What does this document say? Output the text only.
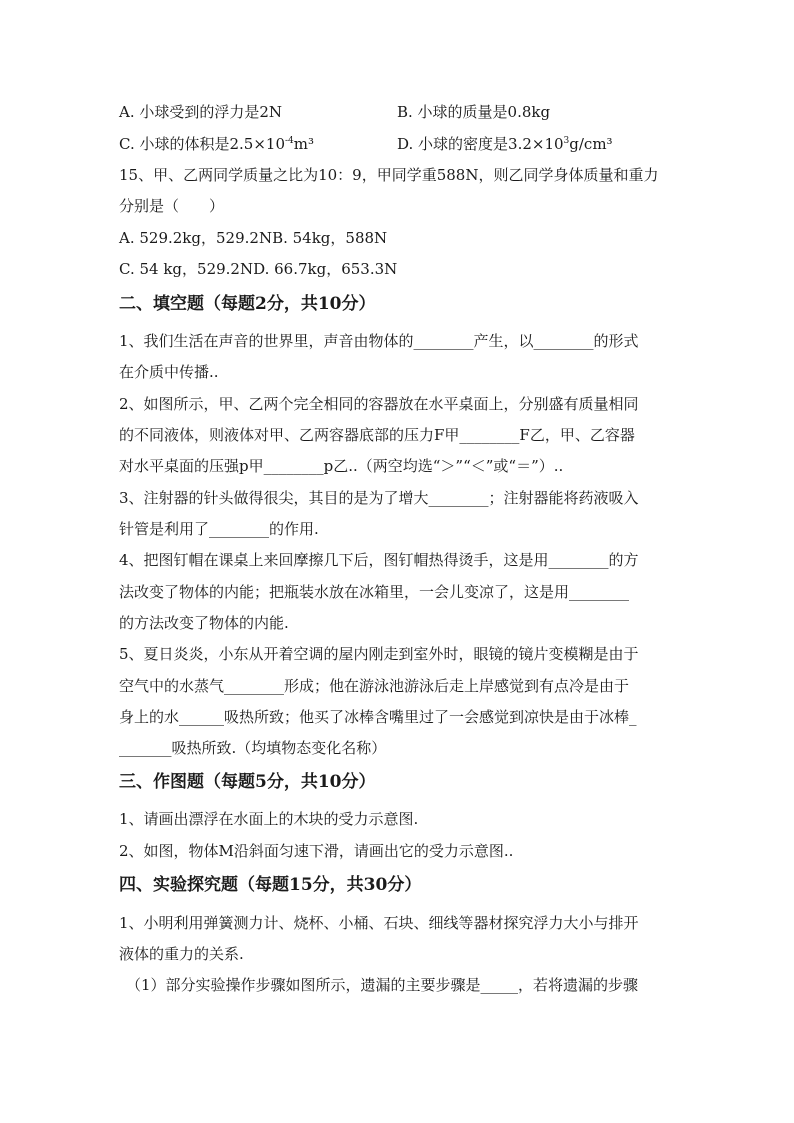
A. 小球受到的浮力是2N	B. 小球的质量是0.8kg
C. 小球的体积是$2.5\times 10^{-4}m^3$	D. 小球的密度是$3.2\times 10^3g$/cm³
15、甲、乙两同学质量之比为10：9，甲同学重588N，则乙同学身体质量和重力
分别是（　　）
A. 529.2kg，529.2NB. 54kg，588N
C. 54 kg，529.2ND. 66.7kg，653.3N
二、填空题（每题2分，共10分）
1、我们生活在声音的世界里，声音由物体的________产生，以________的形式
在介质中传播..
2、如图所示，甲、乙两个完全相同的容器放在水平桌面上，分别盛有质量相同
的不同液体，则液体对甲、乙两容器底部的压力F甲________F乙，甲、乙容器
对水平桌面的压强p甲________p乙..（两空均选“＞”“＜”或“＝”）..
3、注射器的针头做得很尖，其目的是为了增大________；注射器能将药液吸入
针管是利用了________的作用.
4、把图钉帽在课桌上来回摩擦几下后，图钉帽热得烫手，这是用________的方
法改变了物体的内能；把瓶装水放在冰箱里，一会儿变凉了，这是用________
的方法改变了物体的内能.
5、夏日炎炎，小东从开着空调的屋内刚走到室外时，眼镜的镜片变模糊是由于
空气中的水蒸气________形成；他在游泳池游泳后走上岸感觉到有点冷是由于
身上的水______吸热所致；他买了冰棒含嘴里过了一会感觉到凉快是由于冰棒_
_______吸热所致.（均填物态变化名称）
三、作图题（每题5分，共10分）
1、请画出漂浮在水面上的木块的受力示意图.
2、如图，物体M沿斜面匀速下滑，请画出它的受力示意图..
四、实验探究题（每题15分，共30分）
1、小明利用弹簧测力计、烧杯、小桶、石块、细线等器材探究浮力大小与排开
液体的重力的关系.
（1）部分实验操作步骤如图所示，遗漏的主要步骤是_____，若将遗漏的步骤
